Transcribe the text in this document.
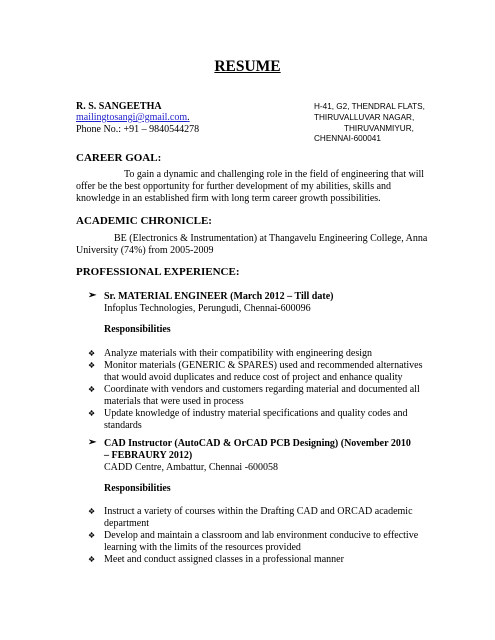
RESUME
R. S. SANGEETHA
mailingtosangi@gmail.com.
Phone No.: +91 – 9840544278
H-41, G2, THENDRAL FLATS,
THIRUVALLUVAR NAGAR,
THIRUVANMIYUR,
CHENNAI-600041
CAREER GOAL:
To gain a dynamic and challenging role in the field of engineering that will
offer be the best opportunity for further development of my abilities, skills and
knowledge in an established firm with long term career growth possibilities.
ACADEMIC CHRONICLE:
BE (Electronics & Instrumentation) at Thangavelu Engineering College, Anna
University (74%) from 2005-2009
PROFESSIONAL EXPERIENCE:
➢ Sr. MATERIAL ENGINEER (March 2012 – Till date)
Infoplus Technologies, Perungudi, Chennai-600096
Responsibilities
❖ Analyze materials with their compatibility with engineering design
❖ Monitor materials (GENERIC & SPARES) used and recommended alternatives
that would avoid duplicates and reduce cost of project and enhance quality
❖ Coordinate with vendors and customers regarding material and documented all
materials that were used in process
❖ Update knowledge of industry material specifications and quality codes and
standards
➢ CAD Instructor (AutoCAD & OrCAD PCB Designing) (November 2010
– FEBRAURY 2012)
CADD Centre, Ambattur, Chennai -600058
Responsibilities
❖ Instruct a variety of courses within the Drafting CAD and ORCAD academic
department
❖ Develop and maintain a classroom and lab environment conducive to effective
learning with the limits of the resources provided
❖ Meet and conduct assigned classes in a professional manner
